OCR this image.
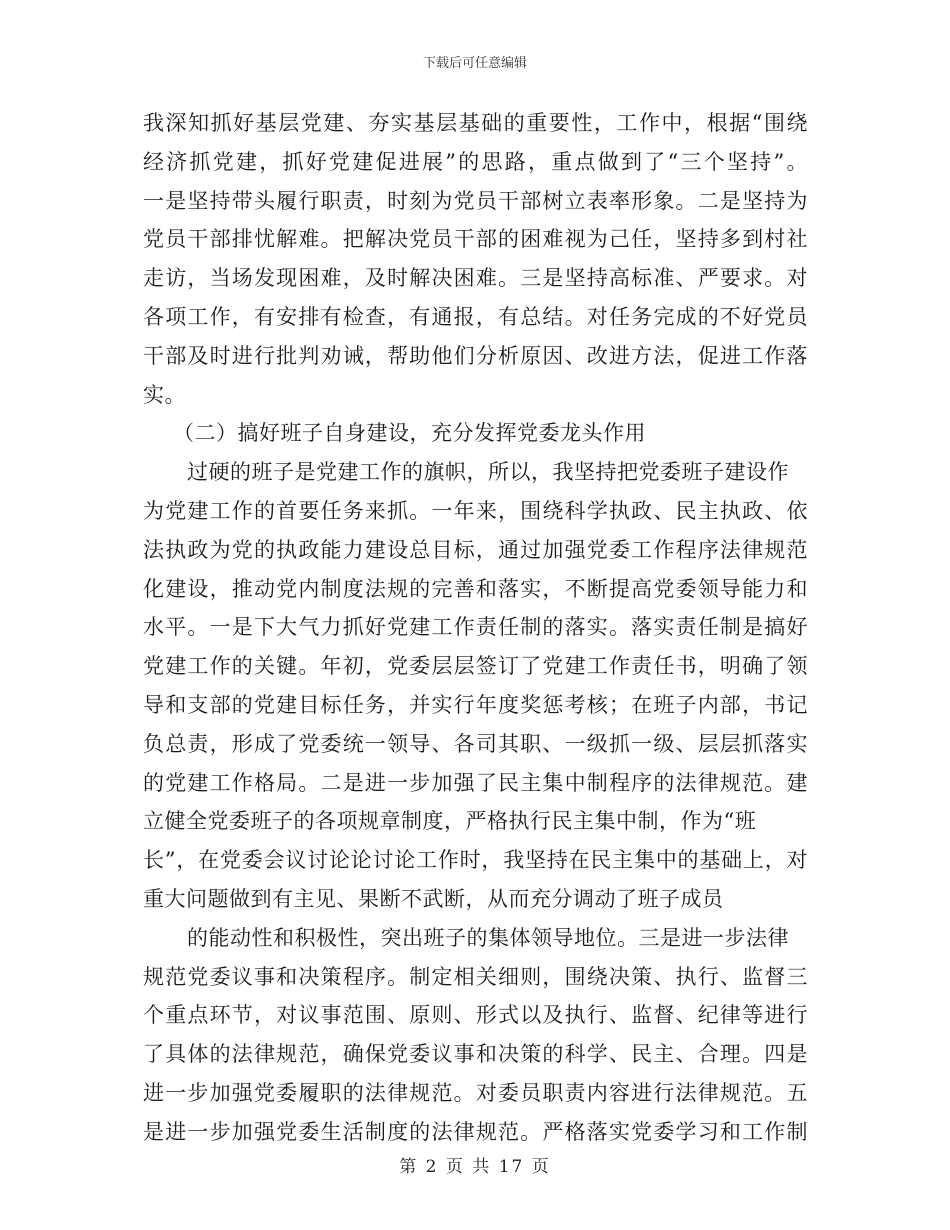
下载后可任意编辑
我深知抓好基层党建、夯实基层基础的重要性，工作中，根据“围绕
经济抓党建，抓好党建促进展”的思路，重点做到了“三个坚持”。
一是坚持带头履行职责，时刻为党员干部树立表率形象。二是坚持为
党员干部排忧解难。把解决党员干部的困难视为己任，坚持多到村社
走访，当场发现困难，及时解决困难。三是坚持高标准、严要求。对
各项工作，有安排有检查，有通报，有总结。对任务完成的不好党员
干部及时进行批判劝诫，帮助他们分析原因、改进方法，促进工作落
实。
（二）搞好班子自身建设，充分发挥党委龙头作用
过硬的班子是党建工作的旗帜，所以，我坚持把党委班子建设作
为党建工作的首要任务来抓。一年来，围绕科学执政、民主执政、依
法执政为党的执政能力建设总目标，通过加强党委工作程序法律规范
化建设，推动党内制度法规的完善和落实，不断提高党委领导能力和
水平。一是下大气力抓好党建工作责任制的落实。落实责任制是搞好
党建工作的关键。年初，党委层层签订了党建工作责任书，明确了领
导和支部的党建目标任务，并实行年度奖惩考核；在班子内部，书记
负总责，形成了党委统一领导、各司其职、一级抓一级、层层抓落实
的党建工作格局。二是进一步加强了民主集中制程序的法律规范。建
立健全党委班子的各项规章制度，严格执行民主集中制，作为“班
长”，在党委会议讨论论讨论工作时，我坚持在民主集中的基础上，对
重大问题做到有主见、果断不武断，从而充分调动了班子成员
的能动性和积极性，突出班子的集体领导地位。三是进一步法律
规范党委议事和决策程序。制定相关细则，围绕决策、执行、监督三
个重点环节，对议事范围、原则、形式以及执行、监督、纪律等进行
了具体的法律规范，确保党委议事和决策的科学、民主、合理。四是
进一步加强党委履职的法律规范。对委员职责内容进行法律规范。五
是进一步加强党委生活制度的法律规范。严格落实党委学习和工作制
第 2 页 共 17 页
